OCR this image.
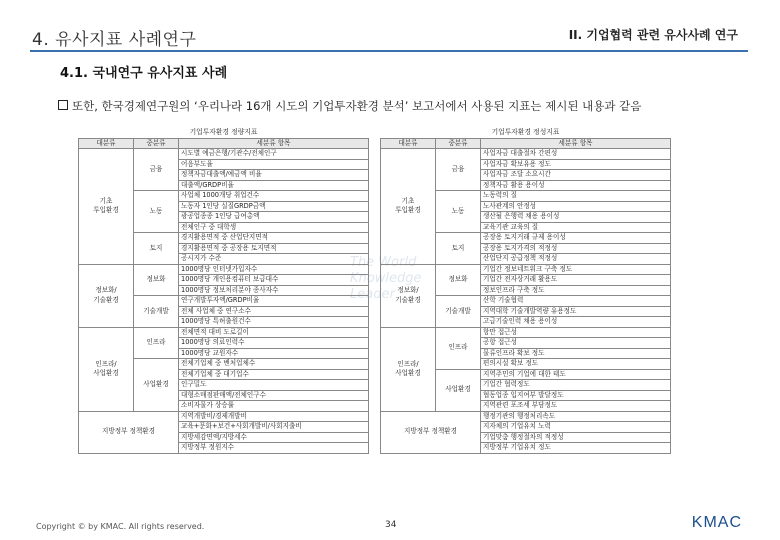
4. 유사지표 사례연구	II. 기업협력 관련 유사사례 연구
4.1. 국내연구 유사지표 사례
또한, 한국경제연구원의 ‘우리나라 16개 시도의 기업투자환경 분석’ 보고서에서 사용된 지표는 제시된 내용과 같음
The World
Knowledge
Leader
기업투자환경 정량지표		
대분류	중분류	세분류 항목
기초
투입환경	금융	시도별 예금은행/기관수/전체인구
		어음부도율
		정책자금대출액/예금액 비율
		대출액/GRDP비율
	노동	사업체 1000개당 취업건수
		노동자 1인당 실질GRDP금액
		광공업종종 1인당 급여총액
		전체인구 중 대학생
	토지	경지활용면적 중 산업단지면적
		경지활용면적 중 공장용 토지면적
		공시지가 수준
정보화/
기술환경	정보화	1000명당 인터넷가입자수
		1000명당 개인용컴퓨터 보급대수
		1000명당 정보처리분야 종사자수
	기술개발	연구개발투자액/GRDP비율
		전체 사업체 중 연구소수
		1000명당 특허출원건수
인프라/
사업환경	인프라	전체면적 대비 도로길이
		1000명당 의료인력수
		1000명당 교원자수
	사업환경	전체기업체 중 벤처업체수
		전체기업체 중 대기업수
		인구밀도
		대형소매점판매액/전체인구수
		소비자물가 상승률
지방정부 정책환경		지역개발비/경제개발비
		교육+문화+보건+사회개발비/사회지출비
		지방세감면액/지방세수
		지방정부 정원지수
기업투자환경 정성지표		
대분류	중분류	세분류 항목
기초
투입환경	금융	사업자금 대출절차 간편성
		사업자금 확보유용 정도
		사업자금 조달 소요시간
		정책자금 활용 용이성
	노동	노동력의 질
		노사관계의 안정성
		생산될 은행력 채용 용이성
		교육기관 교육의 질
	토지	공장용 토지거래 규제 용이성
		공장용 토지가격의 적정성
		산업단지 공급정책 적정성
정보화/
기술환경	정보화	기업간 정보네트워크 구축 정도
		기업간 전자상거래 활용도
		정보인프라 구축 정도
	기술개발	산학 기술협력
		지역대학 기술개발역량 유용정도
		고급기술인력 채용 용이성
인프라/
사업환경	인프라	항만 접근성
		공항 접근성
		물류인프라 확보 정도
		편의시설 확보 정도
	사업환경	지역주민의 기업에 대한 태도
		기업간 협력정도
		협동업종 입지여부 발달정도
		지역관련 포조세 부담정도
지방정부 정책환경		행정기관의 행정처리속도
		지자체의 기업유치 노력
		기업맞춤 행정절차의 적정성
		지방정부 기업유치 정도
Copyright © by KMAC. All rights reserved.	34	KMAC
